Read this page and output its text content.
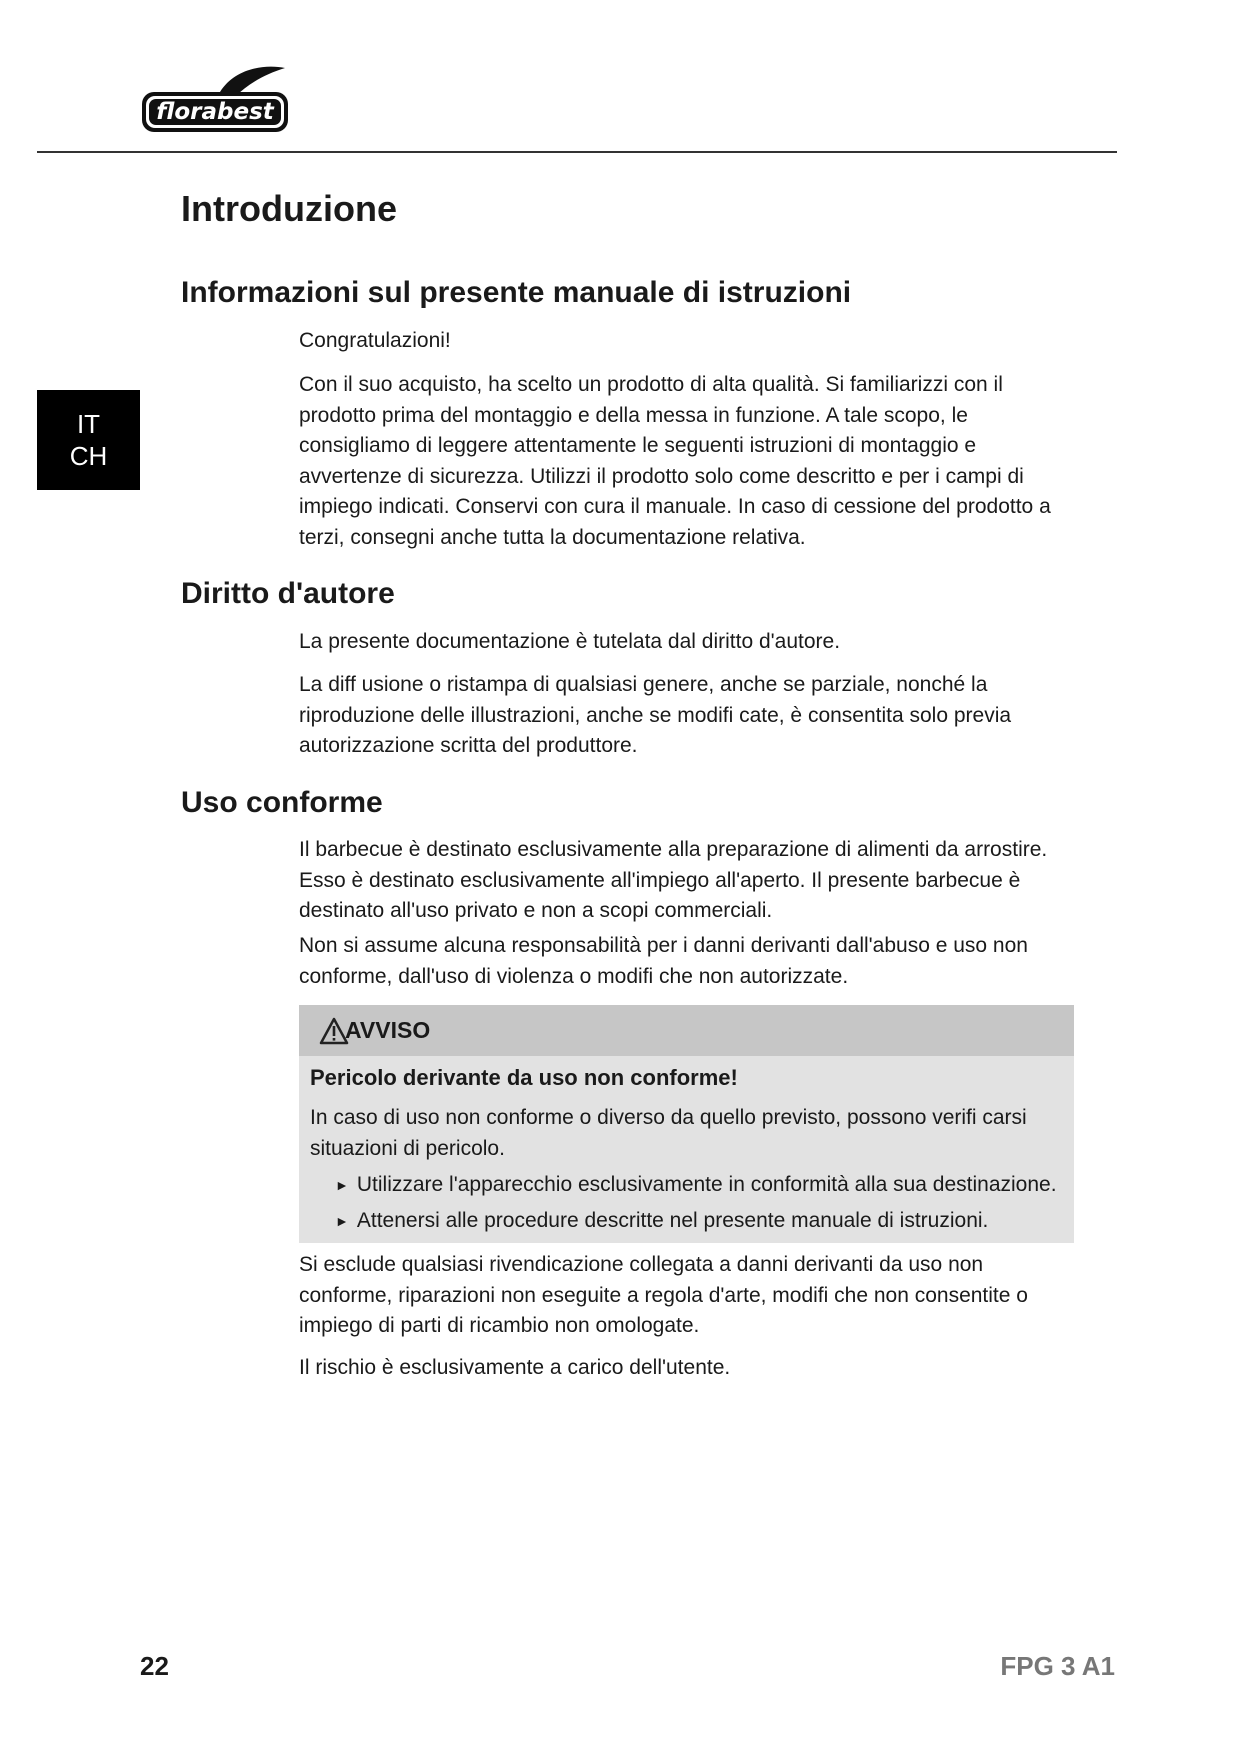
florabest
IT
CH
Introduzione
Informazioni sul presente manuale di istruzioni

Congratulazioni!

Con il suo acquisto, ha scelto un prodotto di alta qualità. Si familiarizzi con il prodotto prima del montaggio e della messa in funzione. A tale scopo, le consigliamo di leggere attentamente le seguenti istruzioni di montaggio e avvertenze di sicurezza. Utilizzi il prodotto solo come descritto e per i campi di impiego indicati. Conservi con cura il manuale. In caso di cessione del prodotto a terzi, consegni anche tutta la documentazione relativa.

Diritto d'autore

La presente documentazione è tutelata dal diritto d'autore.

La diff usione o ristampa di qualsiasi genere, anche se parziale, nonché la riproduzione delle illustrazioni, anche se modifi cate, è consentita solo previa autorizzazione scritta del produttore.

Uso conforme

Il barbecue è destinato esclusivamente alla preparazione di alimenti da arrostire. Esso è destinato esclusivamente all'impiego all'aperto. Il presente barbecue è destinato all'uso privato e non a scopi commerciali.

Non si assume alcuna responsabilità per i danni derivanti dall'abuso e uso non conforme, dall'uso di violenza o modifi che non autorizzate.

AVVISO

Pericolo derivante da uso non conforme!

In caso di uso non conforme o diverso da quello previsto, possono verifi carsi situazioni di pericolo.

► Utilizzare l'apparecchio esclusivamente in conformità alla sua destinazione.

► Attenersi alle procedure descritte nel presente manuale di istruzioni.

Si esclude qualsiasi rivendicazione collegata a danni derivanti da uso non conforme, riparazioni non eseguite a regola d'arte, modifi che non consentite o impiego di parti di ricambio non omologate.

Il rischio è esclusivamente a carico dell'utente.

22	FPG 3 A1
